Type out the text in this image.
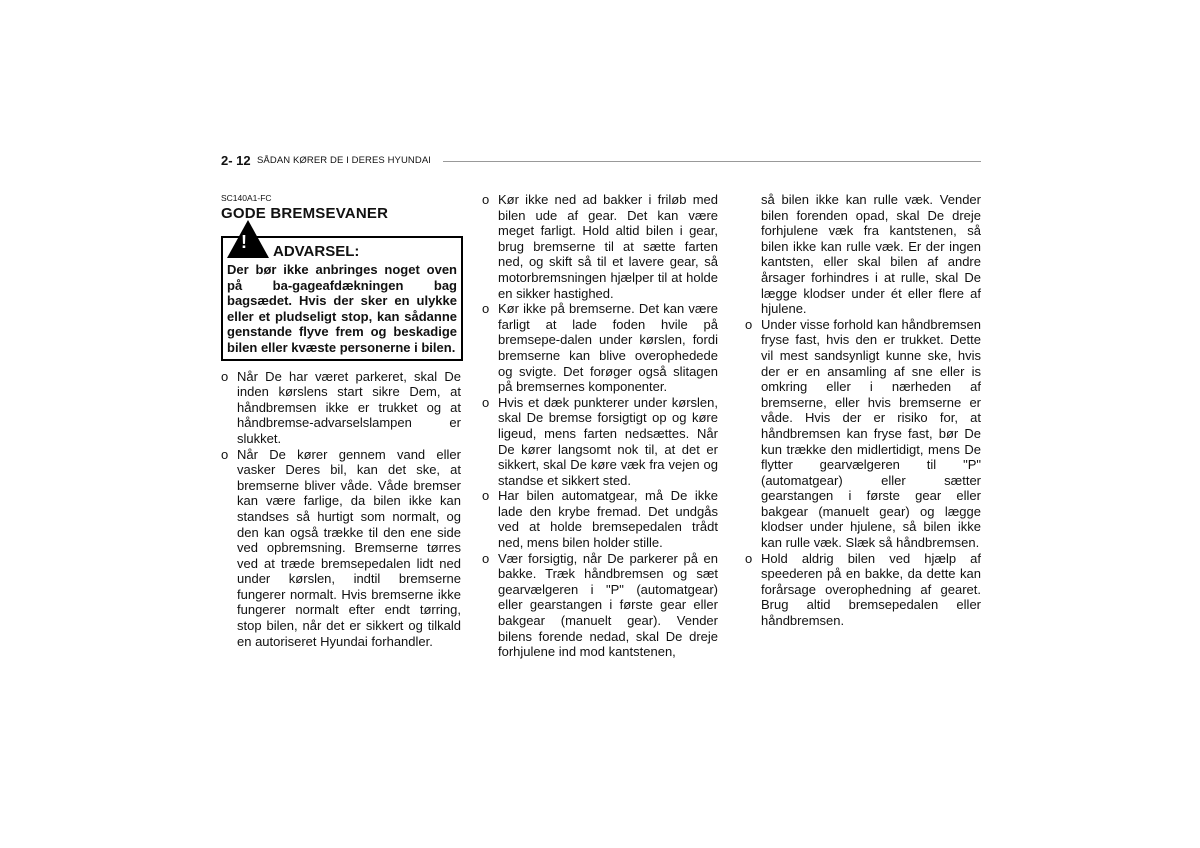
2- 12 SÅDAN KØRER DE I DERES HYUNDAI
SC140A1-FC
GODE BREMSEVANER
! ADVARSEL:
Der bør ikke anbringes noget oven på ba-gageafdækningen bag bagsædet. Hvis der sker en ulykke eller et pludseligt stop, kan sådanne genstande flyve frem og beskadige bilen eller kvæste personerne i bilen.
o Når De har været parkeret, skal De inden kørslens start sikre Dem, at håndbremsen ikke er trukket og at håndbremse-advarselslampen er slukket.
o Når De kører gennem vand eller vasker Deres bil, kan det ske, at bremserne bliver våde. Våde bremser kan være farlige, da bilen ikke kan standses så hurtigt som normalt, og den kan også trække til den ene side ved opbremsning. Bremserne tørres ved at træde bremsepedalen lidt ned under kørslen, indtil bremserne fungerer normalt. Hvis bremserne ikke fungerer normalt efter endt tørring, stop bilen, når det er sikkert og tilkald en autoriseret Hyundai forhandler.
o Kør ikke ned ad bakker i friløb med bilen ude af gear. Det kan være meget farligt. Hold altid bilen i gear, brug bremserne til at sætte farten ned, og skift så til et lavere gear, så motorbremsningen hjælper til at holde en sikker hastighed.
o Kør ikke på bremserne. Det kan være farligt at lade foden hvile på bremsepe-dalen under kørslen, fordi bremserne kan blive overophedede og svigte. Det forøger også slitagen på bremsernes komponenter.
o Hvis et dæk punkterer under kørslen, skal De bremse forsigtigt op og køre ligeud, mens farten nedsættes. Når De kører langsomt nok til, at det er sikkert, skal De køre væk fra vejen og standse et sikkert sted.
o Har bilen automatgear, må De ikke lade den krybe fremad. Det undgås ved at holde bremsepedalen trådt ned, mens bilen holder stille.
o Vær forsigtig, når De parkerer på en bakke. Træk håndbremsen og sæt gearvælgeren i "P" (automatgear) eller gearstangen i første gear eller bakgear (manuelt gear). Vender bilens forende nedad, skal De dreje forhjulene ind mod kantstenen,
så bilen ikke kan rulle væk. Vender bilen forenden opad, skal De dreje forhjulene væk fra kantstenen, så bilen ikke kan rulle væk. Er der ingen kantsten, eller skal bilen af andre årsager forhindres i at rulle, skal De lægge klodser under ét eller flere af hjulene.
o Under visse forhold kan håndbremsen fryse fast, hvis den er trukket. Dette vil mest sandsynligt kunne ske, hvis der er en ansamling af sne eller is omkring eller i nærheden af bremserne, eller hvis bremserne er våde. Hvis der er risiko for, at håndbremsen kan fryse fast, bør De kun trække den midlertidigt, mens De flytter gearvælgeren til "P" (automatgear) eller sætter gearstangen i første gear eller bakgear (manuelt gear) og lægge klodser under hjulene, så bilen ikke kan rulle væk. Slæk så håndbremsen.
o Hold aldrig bilen ved hjælp af speederen på en bakke, da dette kan forårsage overophedning af gearet. Brug altid bremsepedalen eller håndbremsen.
